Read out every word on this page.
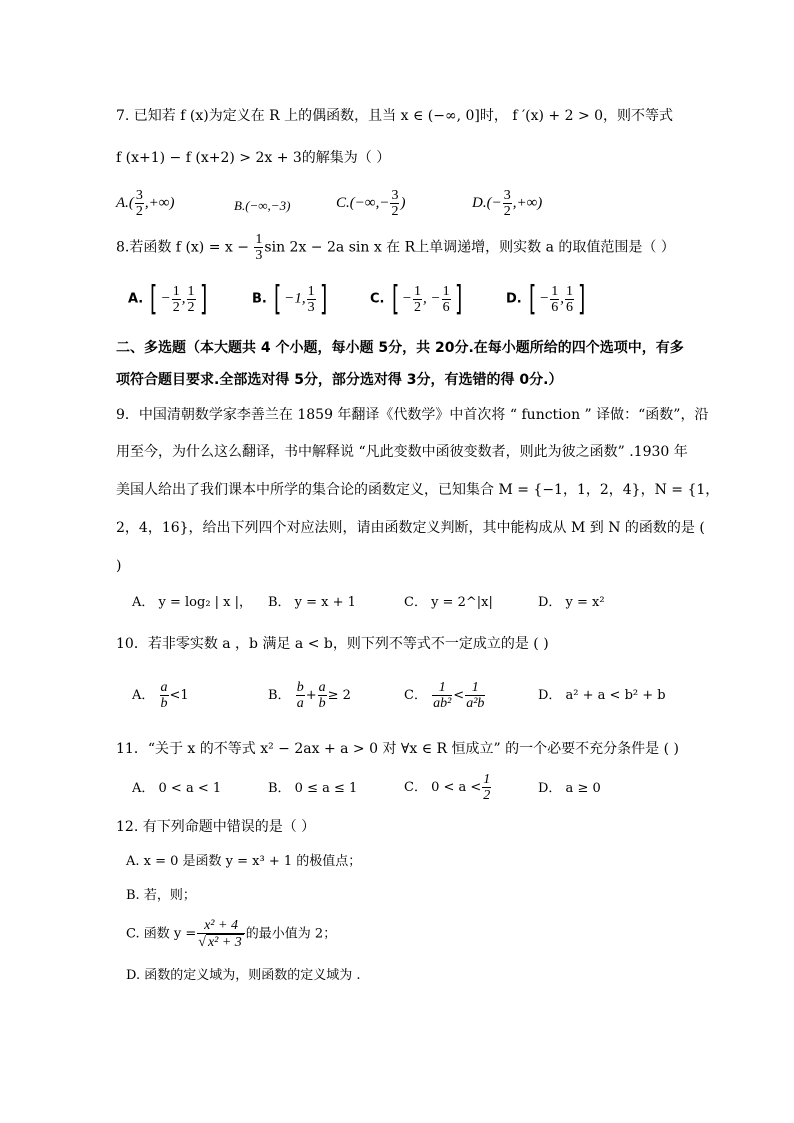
7. 已知若 f (x)为定义在 R 上的偶函数，且当 x ∈ (−∞, 0]时， f ′(x) + 2 > 0，则不等式
f (x+1) − f (x+2) > 2x + 3的解集为（ ）
$A.( \frac{3}{2}$ ,+∞)	B.(−∞,−3)	$C.(-\infty,- \frac{3}{2}$ )	$D.(- \frac{3}{2}$ ,+∞)
8.若函数 f $(x) = x - \frac{1}{3}$ sin 2x − 2a sin x 在 R上单调递增，则实数 a 的取值范围是（ ）
A. [ − $\frac{1}{2}$ , $\frac{1}{2}$ ]	B. [ −1, $\frac{1}{3}$ ]	C. [ − $\frac{1}{2}$ , − $\frac{1}{6}$ ]	D. [ − $\frac{1}{6}$ , $\frac{1}{6}$ ]
二、多选题（本大题共 4 个小题，每小题 5分，共 20分.在每小题所给的四个选项中，有多
项符合题目要求.全部选对得 5分，部分选对得 3分，有选错的得 0分.）
9．中国清朝数学家李善兰在 1859 年翻译《代数学》中首次将 “ function ” 译做：“函数”，沿
用至今，为什么这么翻译，书中解释说 “凡此变数中函彼变数者，则此为彼之函数” .1930 年
美国人给出了我们课本中所学的集合论的函数定义，已知集合 M = {−1，1，2，4}，N = {1，
2，4，16}，给出下列四个对应法则，请由函数定义判断，其中能构成从 M 到 N 的函数的是 (
)
A． y = log₂ | x |， B． y = x + 1	C． y = 2^|x|	D． y = x²
10．若非零实数 a ，b 满足 a < b，则下列不等式不一定成立的是 ( )
A． $\frac{a}{b} <1$	B． $\frac{b}{a} + \frac{a}{b} \ge 2$	C． $\frac{1}{\text{ab²}} < \frac{1}{\text{a²b}}$	D． a² + a < b² + b
11．“关于 x 的不等式 x² − 2ax + a > 0 对 ∀x ∈ R 恒成立” 的一个必要不充分条件是 ( )
A． 0 < a < 1	B． 0 ≤ a ≤ 1	C． $0 < a < \frac{1}{2}$	D． a ≥ 0
12. 有下列命题中错误的是（ ）
A. x = 0 是函数 y = x³ + 1 的极值点；
B. 若，则；
C. 函数 $y = \frac{\text{x² + 4}}{\text{√ x² + 3}}$ 的最小值为 2；
D. 函数的定义域为，则函数的定义域为 .
